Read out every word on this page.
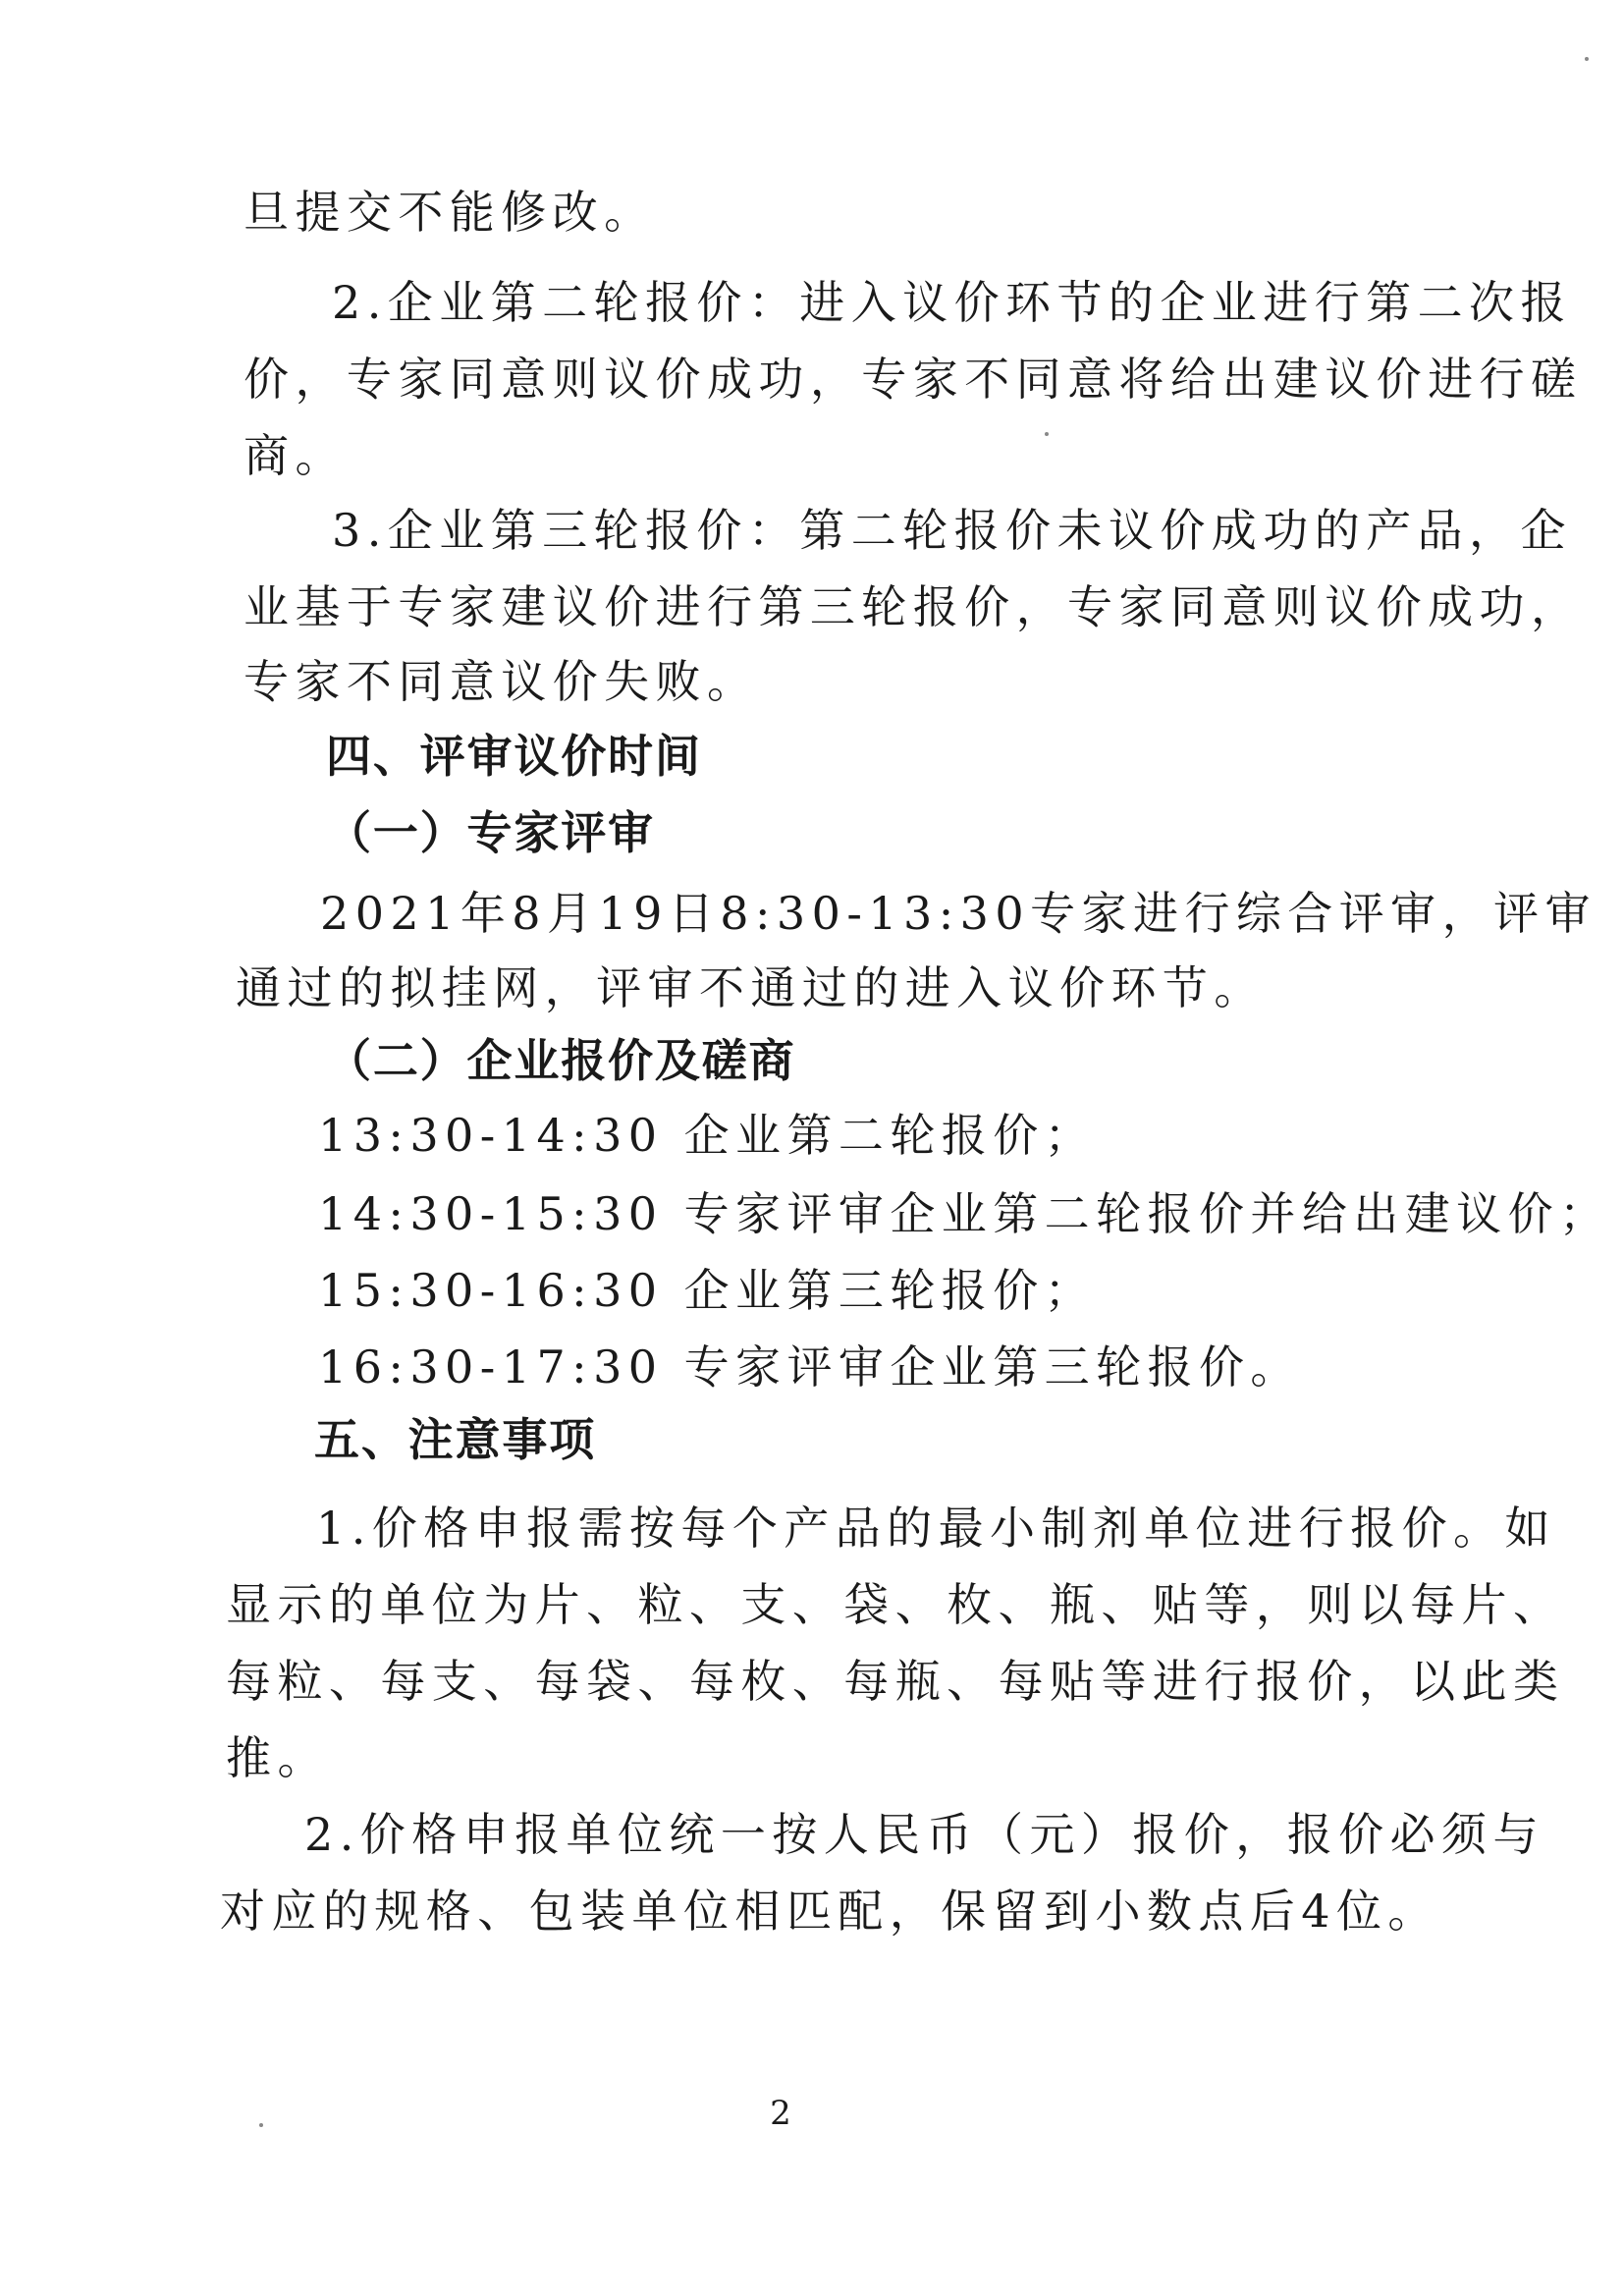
旦提交不能修改。
2.企业第二轮报价：进入议价环节的企业进行第二次报
价，专家同意则议价成功，专家不同意将给出建议价进行磋
商。
3.企业第三轮报价：第二轮报价未议价成功的产品，企
业基于专家建议价进行第三轮报价，专家同意则议价成功，
专家不同意议价失败。
四、评审议价时间
（一）专家评审
2021年8月19日8:30-13:30专家进行综合评审，评审
通过的拟挂网，评审不通过的进入议价环节。
（二）企业报价及磋商
13:30-14:30 企业第二轮报价；
14:30-15:30 专家评审企业第二轮报价并给出建议价；
15:30-16:30 企业第三轮报价；
16:30-17:30 专家评审企业第三轮报价。
五、注意事项
1.价格申报需按每个产品的最小制剂单位进行报价。如
显示的单位为片、粒、支、袋、枚、瓶、贴等，则以每片、
每粒、每支、每袋、每枚、每瓶、每贴等进行报价，以此类
推。
2.价格申报单位统一按人民币（元）报价，报价必须与
对应的规格、包装单位相匹配，保留到小数点后4位。
2
